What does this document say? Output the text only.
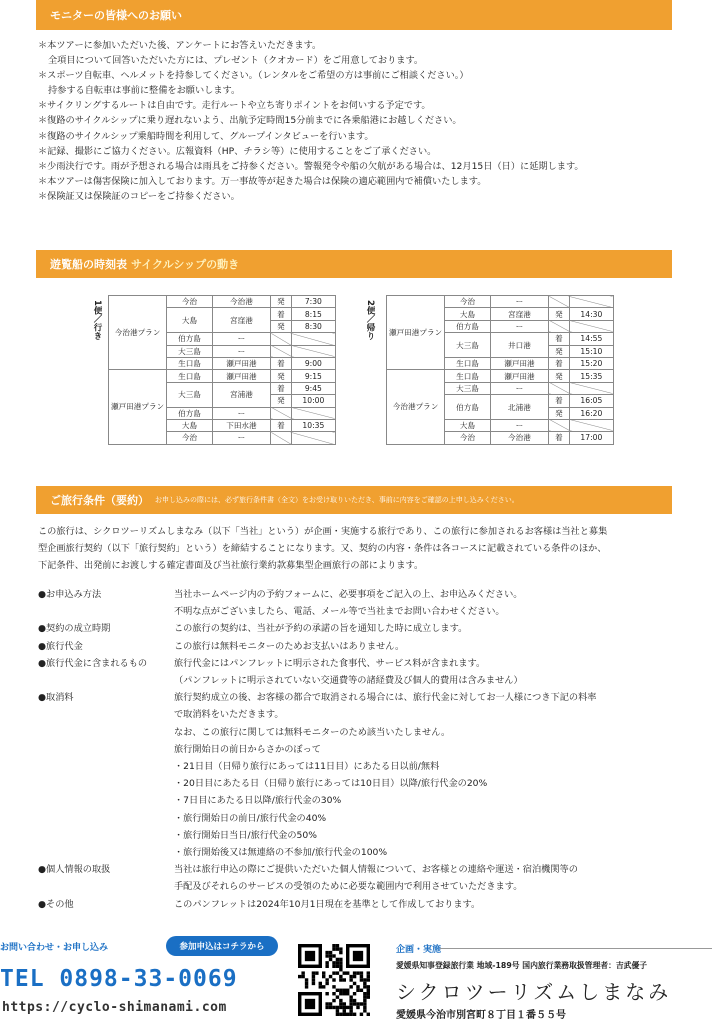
モニターの皆様へのお願い
＊本ツアーに参加いただいた後、アンケートにお答えいただきます。
全項目について回答いただいた方には、プレゼント（クオカード）をご用意しております。
＊スポーツ自転車、ヘルメットを持参してください。（レンタルをご希望の方は事前にご相談ください。）
持参する自転車は事前に整備をお願いします。
＊サイクリングするルートは自由です。走行ルートや立ち寄りポイントをお伺いする予定です。
＊復路のサイクルシップに乗り遅れないよう、出航予定時間15分前までに各乗船港にお越しください。
＊復路のサイクルシップ乗船時間を利用して、グループインタビューを行います。
＊記録、撮影にご協力ください。広報資料（HP、チラシ等）に使用することをご了承ください。
＊少雨決行です。雨が予想される場合は雨具をご持参ください。警報発令や船の欠航がある場合は、12月15日（日）に延期します。
＊本ツアーは傷害保険に加入しております。万一事故等が起きた場合は保険の適応範囲内で補償いたします。
＊保険証又は保険証のコピーをご持参ください。
遊覧船の時刻表 サイクルシップの動き
1便／行き	2便／帰り
今治港プラン	今治	今治港	発	7:30
	大島	宮窪港	着	8:15
			発	8:30
	伯方島	ー		
	大三島	ー		
	生口島	瀬戸田港	着	9:00
瀬戸田港プラン	生口島	瀬戸田港	発	9:15
	大三島	宮浦港	着	9:45
			発	10:00
	伯方島	ー		
	大島	下田水港	着	10:35
	今治	ー		
瀬戸田港プラン	今治	ー		
	大島	宮窪港	発	14:30
	伯方島	ー		
	大三島	井口港	着	14:55
			発	15:10
	生口島	瀬戸田港	着	15:20
今治港プラン	生口島	瀬戸田港	発	15:35
	大三島	ー		
	伯方島	北浦港	着	16:05
			発	16:20
	大島	ー		
	今治	今治港	着	17:00
ご旅行条件（要約） お申し込みの際には、必ず旅行条件書（全文）をお受け取りいただき、事前に内容をご確認の上申し込みください。
この旅行は、シクロツーリズムしまなみ（以下「当社」という）が企画・実施する旅行であり、この旅行に参加されるお客様は当社と募集
型企画旅行契約（以下「旅行契約」という）を締結することになります。又、契約の内容・条件は各コースに記載されている条件のほか、
下記条件、出発前にお渡しする確定書面及び当社旅行業約款募集型企画旅行の部によります。
●お申込み方法	当社ホームページ内の予約フォームに、必要事項をご記入の上、お申込みください。
不明な点がございましたら、電話、メール等で当社までお問い合わせください。
●契約の成立時期	この旅行の契約は、当社が予約の承諾の旨を通知した時に成立します。
●旅行代金	この旅行は無料モニターのためお支払いはありません。
●旅行代金に含まれるもの	旅行代金にはパンフレットに明示された食事代、サービス料が含まれます。
（パンフレットに明示されていない交通費等の諸経費及び個人的費用は含みません）
●取消料	旅行契約成立の後、お客様の都合で取消される場合には、旅行代金に対してお一人様につき下記の料率
で取消料をいただきます。
なお、この旅行に関しては無料モニターのため該当いたしません。
旅行開始日の前日からさかのぼって
・21日目（日帰り旅行にあっては11日目）にあたる日以前/無料
・20日目にあたる日（日帰り旅行にあっては10日目）以降/旅行代金の20%
・7日目にあたる日以降/旅行代金の30%
・旅行開始日の前日/旅行代金の40%
・旅行開始日当日/旅行代金の50%
・旅行開始後又は無連絡の不参加/旅行代金の100%
●個人情報の取扱	当社は旅行申込の際にご提供いただいた個人情報について、お客様との連絡や運送・宿泊機関等の
手配及びそれらのサービスの受領のために必要な範囲内で利用させていただきます。
●その他	このパンフレットは2024年10月1日現在を基準として作成しております。
お問い合わせ・お申し込み	参加申込はコチラから
TEL 0898-33-0069
https://cyclo-shimanami.com
企画・実施
愛媛県知事登録旅行業 地域-189号 国内旅行業務取扱管理者：吉武優子
シクロツーリズムしまなみ
愛媛県今治市別宮町８丁目１番５５号
